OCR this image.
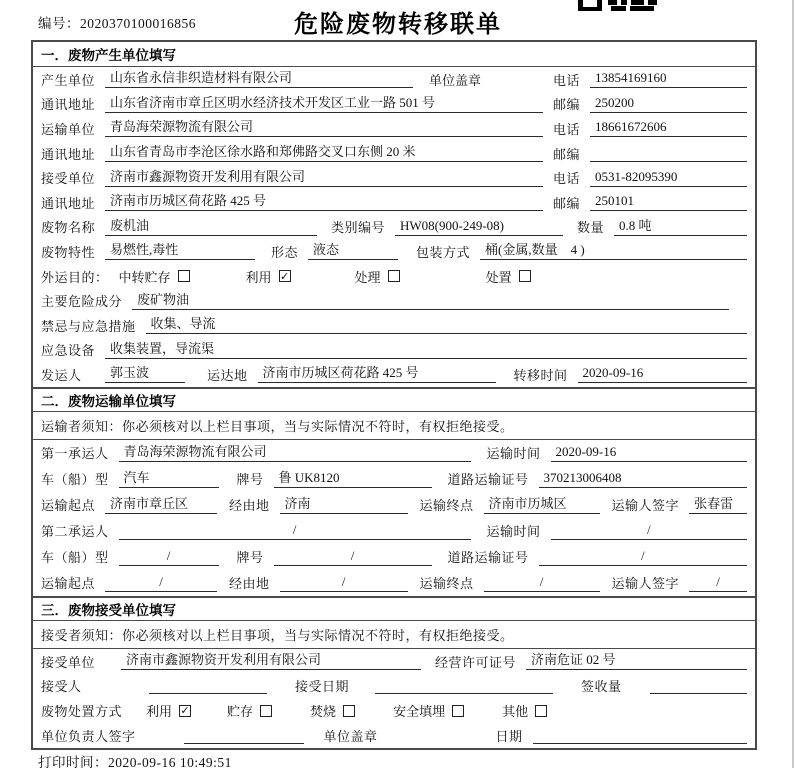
编号：2020370100016856	危险废物转移联单
一．废物产生单位填写
产生单位	山东省永信非织造材料有限公司	单位盖章	电话	13854169160
通讯地址	山东省济南市章丘区明水经济技术开发区工业一路 501 号	邮编	250200
运输单位	青岛海荣源物流有限公司	电话	18661672606
通讯地址	山东省青岛市李沧区徐水路和郑佛路交叉口东侧 20 米	邮编
接受单位	济南市鑫源物资开发利用有限公司	电话	0531-82095390
通讯地址	济南市历城区荷花路 425 号	邮编	250101
废物名称	废机油	类别编号	HW08(900-249-08)	数量	0.8 吨
废物特性	易燃性,毒性	形态	液态	包装方式	桶(金属,数量　4 )
外运目的： 中转贮存	利用 ✓	处理	处置
主要危险成分	废矿物油
禁忌与应急措施	收集、导流
应急设备	收集装置，导流渠
发运人	郭玉波	运达地	济南市历城区荷花路 425 号	转移时间	2020-09-16
二．废物运输单位填写
运输者须知：你必须核对以上栏目事项，当与实际情况不符时，有权拒绝接受。
第一承运人	青岛海荣源物流有限公司	运输时间	2020-09-16
车（船）型	汽车	牌号	鲁 UK8120	道路运输证号	370213006408
运输起点	济南市章丘区	经由地	济南	运输终点	济南市历城区	运输人签字	张春雷
第二承运人	/	运输时间	/
车（船）型	/	牌号	/	道路运输证号	/
运输起点	/	经由地	/	运输终点	/	运输人签字	/
三．废物接受单位填写
接受者须知：你必须核对以上栏目事项，当与实际情况不符时，有权拒绝接受。
接受单位	济南市鑫源物资开发利用有限公司	经营许可证号	济南危证 02 号
接受人	接受日期	签收量
废物处置方式 利用 ✓	贮存	焚烧	安全填埋	其他
单位负责人签字	单位盖章	日期
打印时间：2020-09-16 10:49:51
